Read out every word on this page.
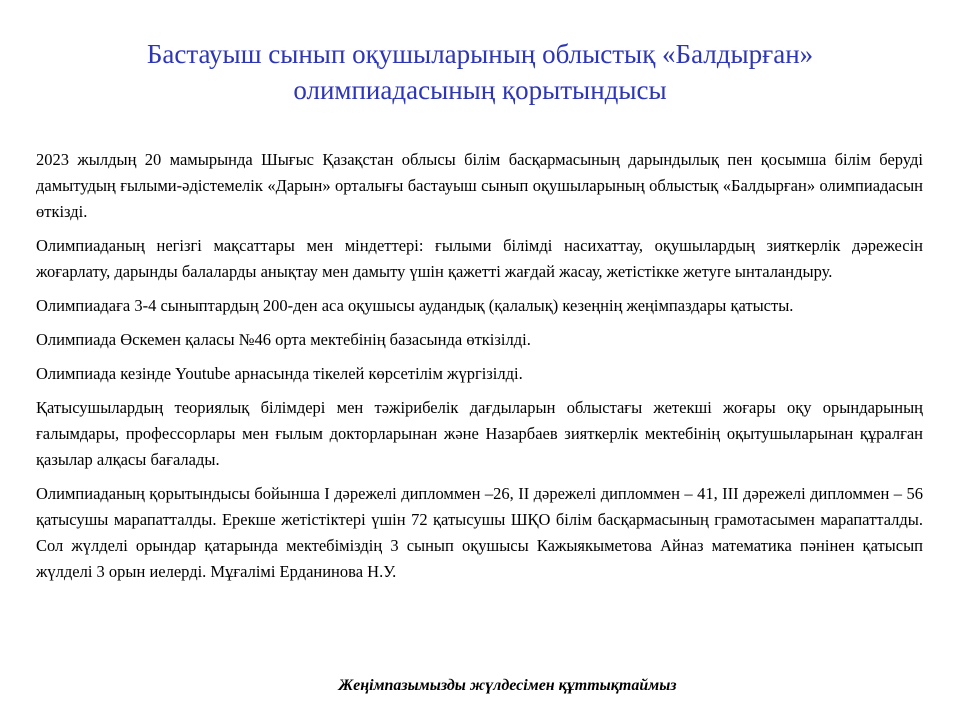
Бастауыш сынып оқушыларының облыстық «Балдырған»
олимпиадасының қорытындысы

2023 жылдың 20 мамырында Шығыс Қазақстан облысы білім басқармасының дарындылық пен қосымша білім беруді дамытудың ғылыми-әдістемелік «Дарын» орталығы бастауыш сынып оқушыларының облыстық «Балдырған» олимпиадасын өткізді.

Олимпиаданың негізгі мақсаттары мен міндеттері: ғылыми білімді насихаттау, оқушылардың зияткерлік дәрежесін жоғарлату, дарынды балаларды анықтау мен дамыту үшін қажетті жағдай жасау, жетістікке жетуге ынталандыру.

Олимпиадаға 3-4 сыныптардың 200-ден аса оқушысы аудандық (қалалық) кезеңнің жеңімпаздары қатысты.

Олимпиада Өскемен қаласы №46 орта мектебінің базасында өткізілді.

Олимпиада кезінде Youtube арнасында тікелей көрсетілім жүргізілді.

Қатысушылардың теориялық білімдері мен тәжірибелік дағдыларын облыстағы жетекші жоғары оқу орындарының ғалымдары, профессорлары мен ғылым докторларынан және Назарбаев зияткерлік мектебінің оқытушыларынан құралған қазылар алқасы бағалады.

Олимпиаданың қорытындысы бойынша I дәрежелі дипломмен –26, II дәрежелі дипломмен – 41, III дәрежелі дипломмен – 56 қатысушы марапатталды. Ерекше жетістіктері үшін 72 қатысушы ШҚО білім басқармасының грамотасымен марапатталды. Сол жүлделі орындар қатарында мектебіміздің 3 сынып оқушысы Кажыякыметова Айназ математика пәнінен қатысып жүлделі 3 орын иелерді. Мұғалімі Ерданинова Н.У.

Жеңімпазымызды жүлдесімен құттықтаймыз
